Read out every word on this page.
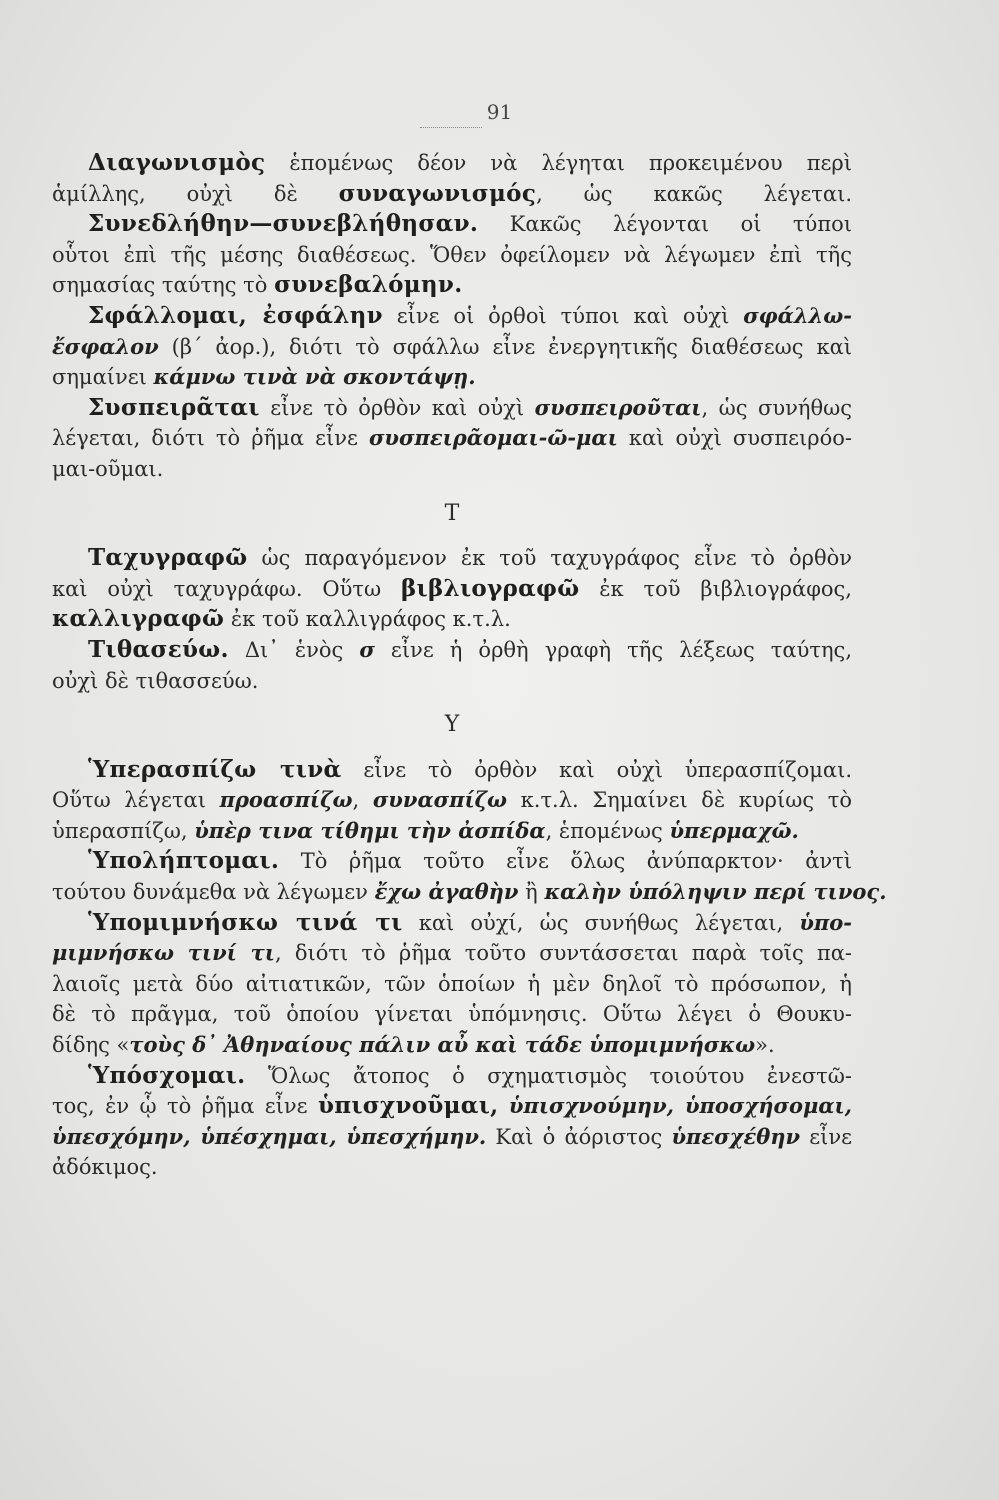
91
Διαγωνισμὸς ἑπομένως δέον νὰ λέγηται προκειμένου περὶ
ἁμίλλης, οὐχὶ δὲ συναγωνισμός, ὡς κακῶς λέγεται.
Συνεδλήθην—συνεβλήθησαν. Κακῶς λέγονται οἱ τύποι
οὗτοι ἐπὶ τῆς μέσης διαθέσεως. Ὅθεν ὀφείλομεν νὰ λέγωμεν ἐπὶ τῆς
σημασίας ταύτης τὸ συνεβαλόμην.
Σφάλλομαι, ἐσφάλην εἶνε οἱ ὀρθοὶ τύποι καὶ οὐχὶ σφάλλω-
ἔσφαλον (β΄ ἀορ.), διότι τὸ σφάλλω εἶνε ἐνεργητικῆς διαθέσεως καὶ
σημαίνει κάμνω τινὰ νὰ σκοντάψῃ.
Συσπειρᾶται εἶνε τὸ ὀρθὸν καὶ οὐχὶ συσπειροῦται, ὡς συνήθως
λέγεται, διότι τὸ ῥῆμα εἶνε συσπειρᾶομαι-ῶ-μαι καὶ οὐχὶ συσπειρόο-
μαι-οῦμαι.
Τ
Ταχυγραφῶ ὡς παραγόμενον ἐκ τοῦ ταχυγράφος εἶνε τὸ ὀρθὸν
καὶ οὐχὶ ταχυγράφω. Οὕτω βιβλιογραφῶ ἐκ τοῦ βιβλιογράφος,
καλλιγραφῶ ἐκ τοῦ καλλιγράφος κ.τ.λ.
Τιθασεύω. Δι᾽ ἑνὸς σ εἶνε ἡ ὀρθὴ γραφὴ τῆς λέξεως ταύτης,
οὐχὶ δὲ τιθασσεύω.
Υ
Ὑπερασπίζω τινὰ εἶνε τὸ ὀρθὸν καὶ οὐχὶ ὑπερασπίζομαι.
Οὕτω λέγεται προασπίζω, συνασπίζω κ.τ.λ. Σημαίνει δὲ κυρίως τὸ
ὑπερασπίζω, ὑπὲρ τινα τίθημι τὴν ἀσπίδα, ἑπομένως ὑπερμαχῶ.
Ὑπολήπτομαι. Τὸ ῥῆμα τοῦτο εἶνε ὅλως ἀνύπαρκτον· ἀντὶ
τούτου δυνάμεθα νὰ λέγωμεν ἔχω ἀγαθὴν ἢ καλὴν ὑπόληψιν περί τινος.
Ὑπομιμνήσκω τινά τι καὶ οὐχί, ὡς συνήθως λέγεται, ὑπο-
μιμνήσκω τινί τι, διότι τὸ ῥῆμα τοῦτο συντάσσεται παρὰ τοῖς πα-
λαιοῖς μετὰ δύο αἰτιατικῶν, τῶν ὁποίων ἡ μὲν δηλοῖ τὸ πρόσωπον, ἡ
δὲ τὸ πρᾶγμα, τοῦ ὁποίου γίνεται ὑπόμνησις. Οὕτω λέγει ὁ Θουκυ-
δίδης «τοὺς δ᾽ Ἀθηναίους πάλιν αὖ καὶ τάδε ὑπομιμνήσκω».
Ὑπόσχομαι. Ὅλως ἄτοπος ὁ σχηματισμὸς τοιούτου ἐνεστῶ-
τος, ἐν ᾧ τὸ ῥῆμα εἶνε ὑπισχνοῦμαι, ὑπισχνούμην, ὑποσχήσομαι,
ὑπεσχόμην, ὑπέσχημαι, ὑπεσχήμην. Καὶ ὁ ἀόριστος ὑπεσχέθην εἶνε
ἀδόκιμος.
